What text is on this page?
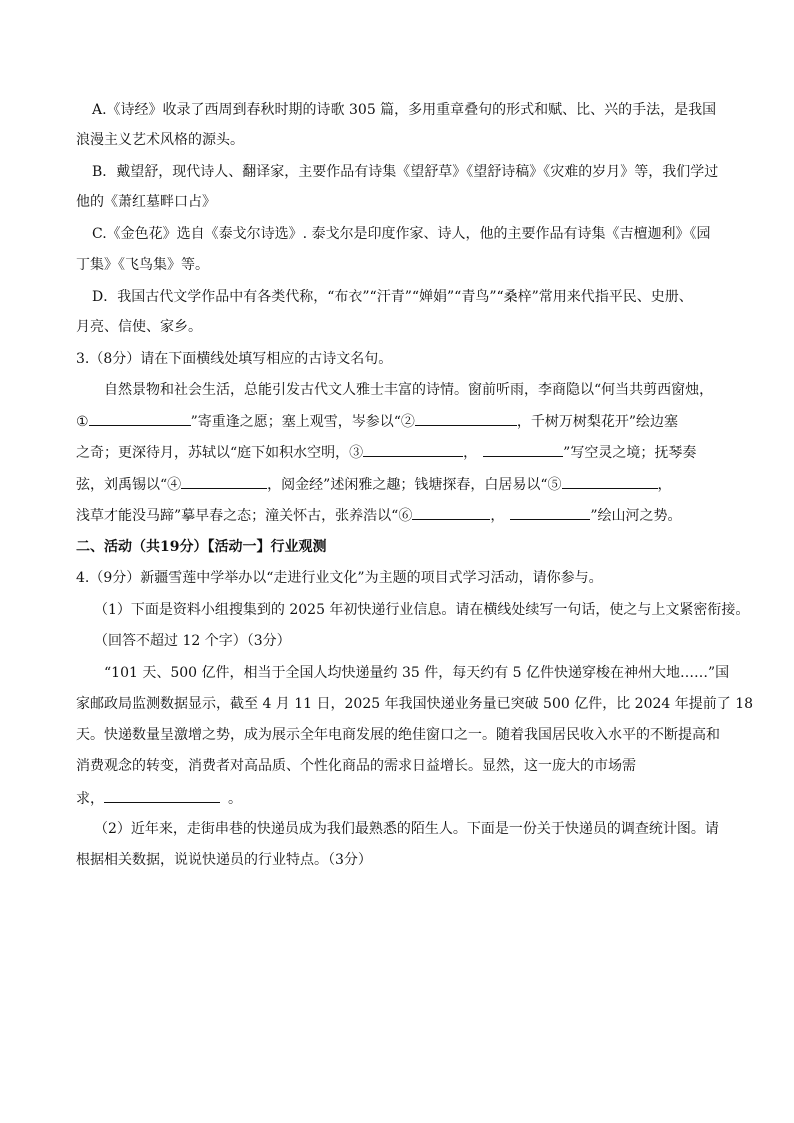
A.《诗经》收录了西周到春秋时期的诗歌 305 篇，多用重章叠句的形式和赋、比、兴的手法，是我国
浪漫主义艺术风格的源头。
B．戴望舒，现代诗人、翻译家，主要作品有诗集《望舒草》《望舒诗稿》《灾难的岁月》等，我们学过
他的《萧红墓畔口占》
C.《金色花》选自《泰戈尔诗选》. 泰戈尔是印度作家、诗人，他的主要作品有诗集《吉檀迦利》《园
丁集》《飞鸟集》等。
D．我国古代文学作品中有各类代称，“布衣”“汗青”“婵娟”“青鸟”“桑梓”常用来代指平民、史册、
月亮、信使、家乡。
3.（8分）请在下面横线处填写相应的古诗文名句。
自然景物和社会生活，总能引发古代文人雅士丰富的诗情。窗前听雨，李商隐以“何当共剪西窗烛，
①	”寄重逢之愿；塞上观雪，岑参以“②	，千树万树梨花开”绘边塞
之奇；更深待月，苏轼以“庭下如积水空明，③	，	”写空灵之境；抚琴奏
弦，刘禹锡以“④	，阅金经”述闲雅之趣；钱塘探春，白居易以“⑤	，
浅草才能没马蹄”摹早春之态；潼关怀古，张养浩以“⑥	，	”绘山河之势。
二、活动（共19分）【活动一】行业观测
4.（9分）新疆雪莲中学举办以“走进行业文化”为主题的项目式学习活动，请你参与。
（1）下面是资料小组搜集到的 2025 年初快递行业信息。请在横线处续写一句话，使之与上文紧密衔接。
（回答不超过 12 个字）（3分）
“101 天、500 亿件，相当于全国人均快递量约 35 件，每天约有 5 亿件快递穿梭在神州大地……”国
家邮政局监测数据显示，截至 4 月 11 日，2025 年我国快递业务量已突破 500 亿件，比 2024 年提前了 18
天。快递数量呈激增之势，成为展示全年电商发展的绝佳窗口之一。随着我国居民收入水平的不断提高和
消费观念的转变，消费者对高品质、个性化商品的需求日益增长。显然，这一庞大的市场需
求，	。
（2）近年来，走街串巷的快递员成为我们最熟悉的陌生人。下面是一份关于快递员的调查统计图。请
根据相关数据，说说快递员的行业特点。（3分）
